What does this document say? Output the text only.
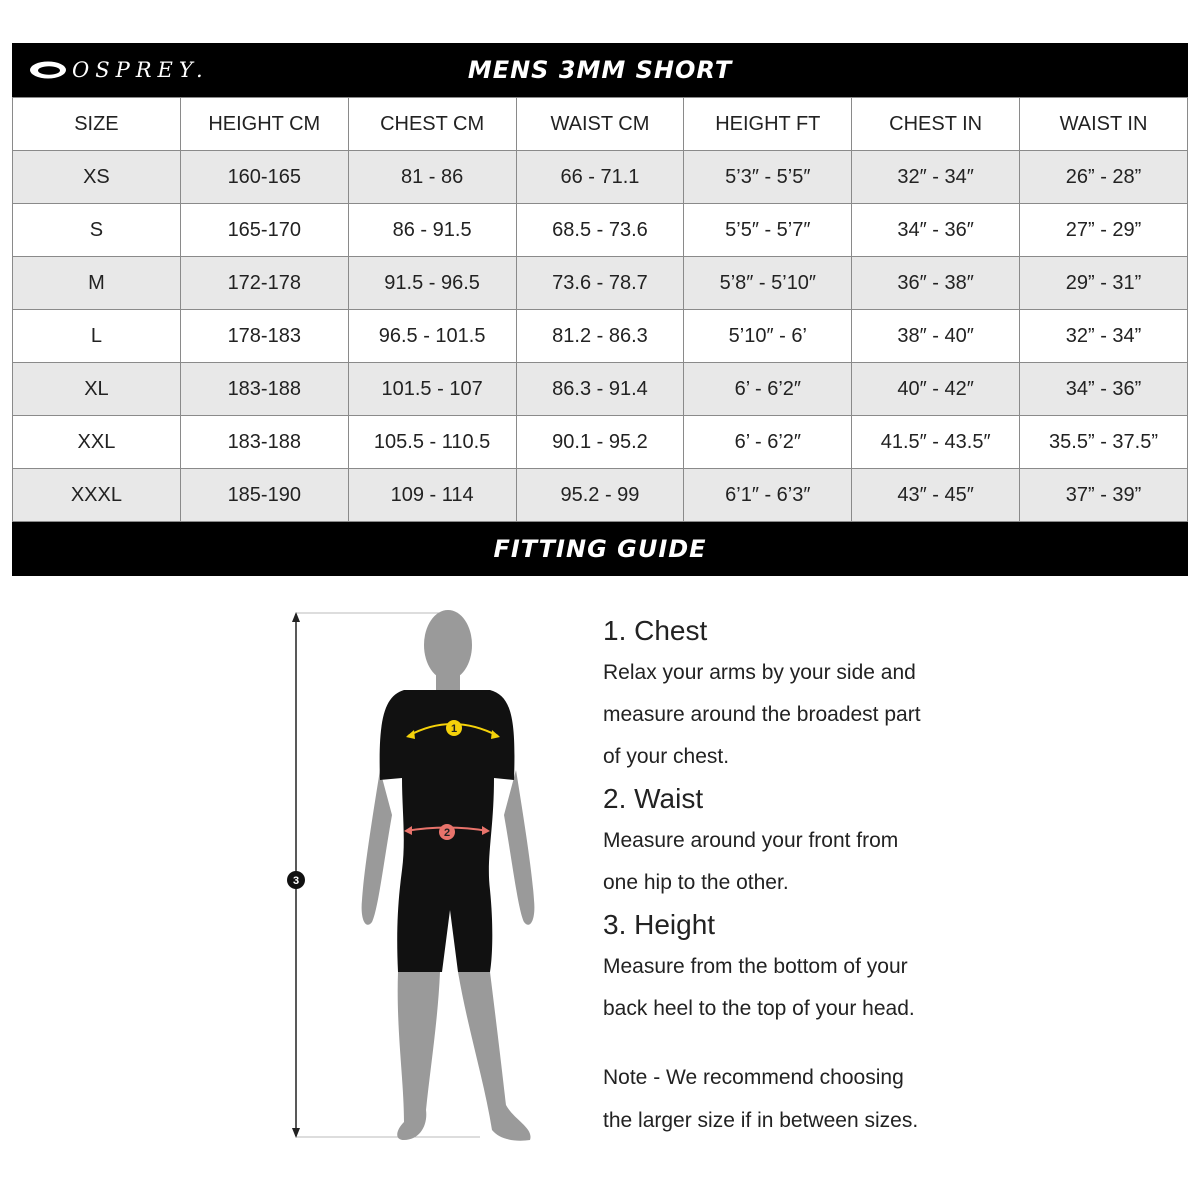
OSPREY.	MENS 3MM SHORT
SIZE	HEIGHT CM	CHEST CM	WAIST CM	HEIGHT FT	CHEST IN	WAIST IN
XS	160-165	81 - 86	66 - 71.1	5’3″ - 5’5″	32″ - 34″	26” - 28”
S	165-170	86 - 91.5	68.5 - 73.6	5’5″ - 5’7″	34″ - 36″	27” - 29”
M	172-178	91.5 - 96.5	73.6 - 78.7	5’8″ - 5’10″	36″ - 38″	29” - 31”
L	178-183	96.5 - 101.5	81.2 - 86.3	5’10″ - 6’	38″ - 40″	32” - 34”
XL	183-188	101.5 - 107	86.3 - 91.4	6’ - 6’2″	40″ - 42″	34” - 36”
XXL	183-188	105.5 - 110.5	90.1 - 95.2	6’ - 6’2″	41.5″ - 43.5″	35.5” - 37.5”
XXXL	185-190	109 - 114	95.2 - 99	6’1″ - 6’3″	43″ - 45″	37” - 39”
FITTING GUIDE
1
2
3

1. Chest

Relax your arms by your side and

measure around the broadest part

of your chest.

2. Waist

Measure around your front from

one hip to the other.

3. Height

Measure from the bottom of your

back heel to the top of your head.

Note - We recommend choosing
the larger size if in between sizes.
